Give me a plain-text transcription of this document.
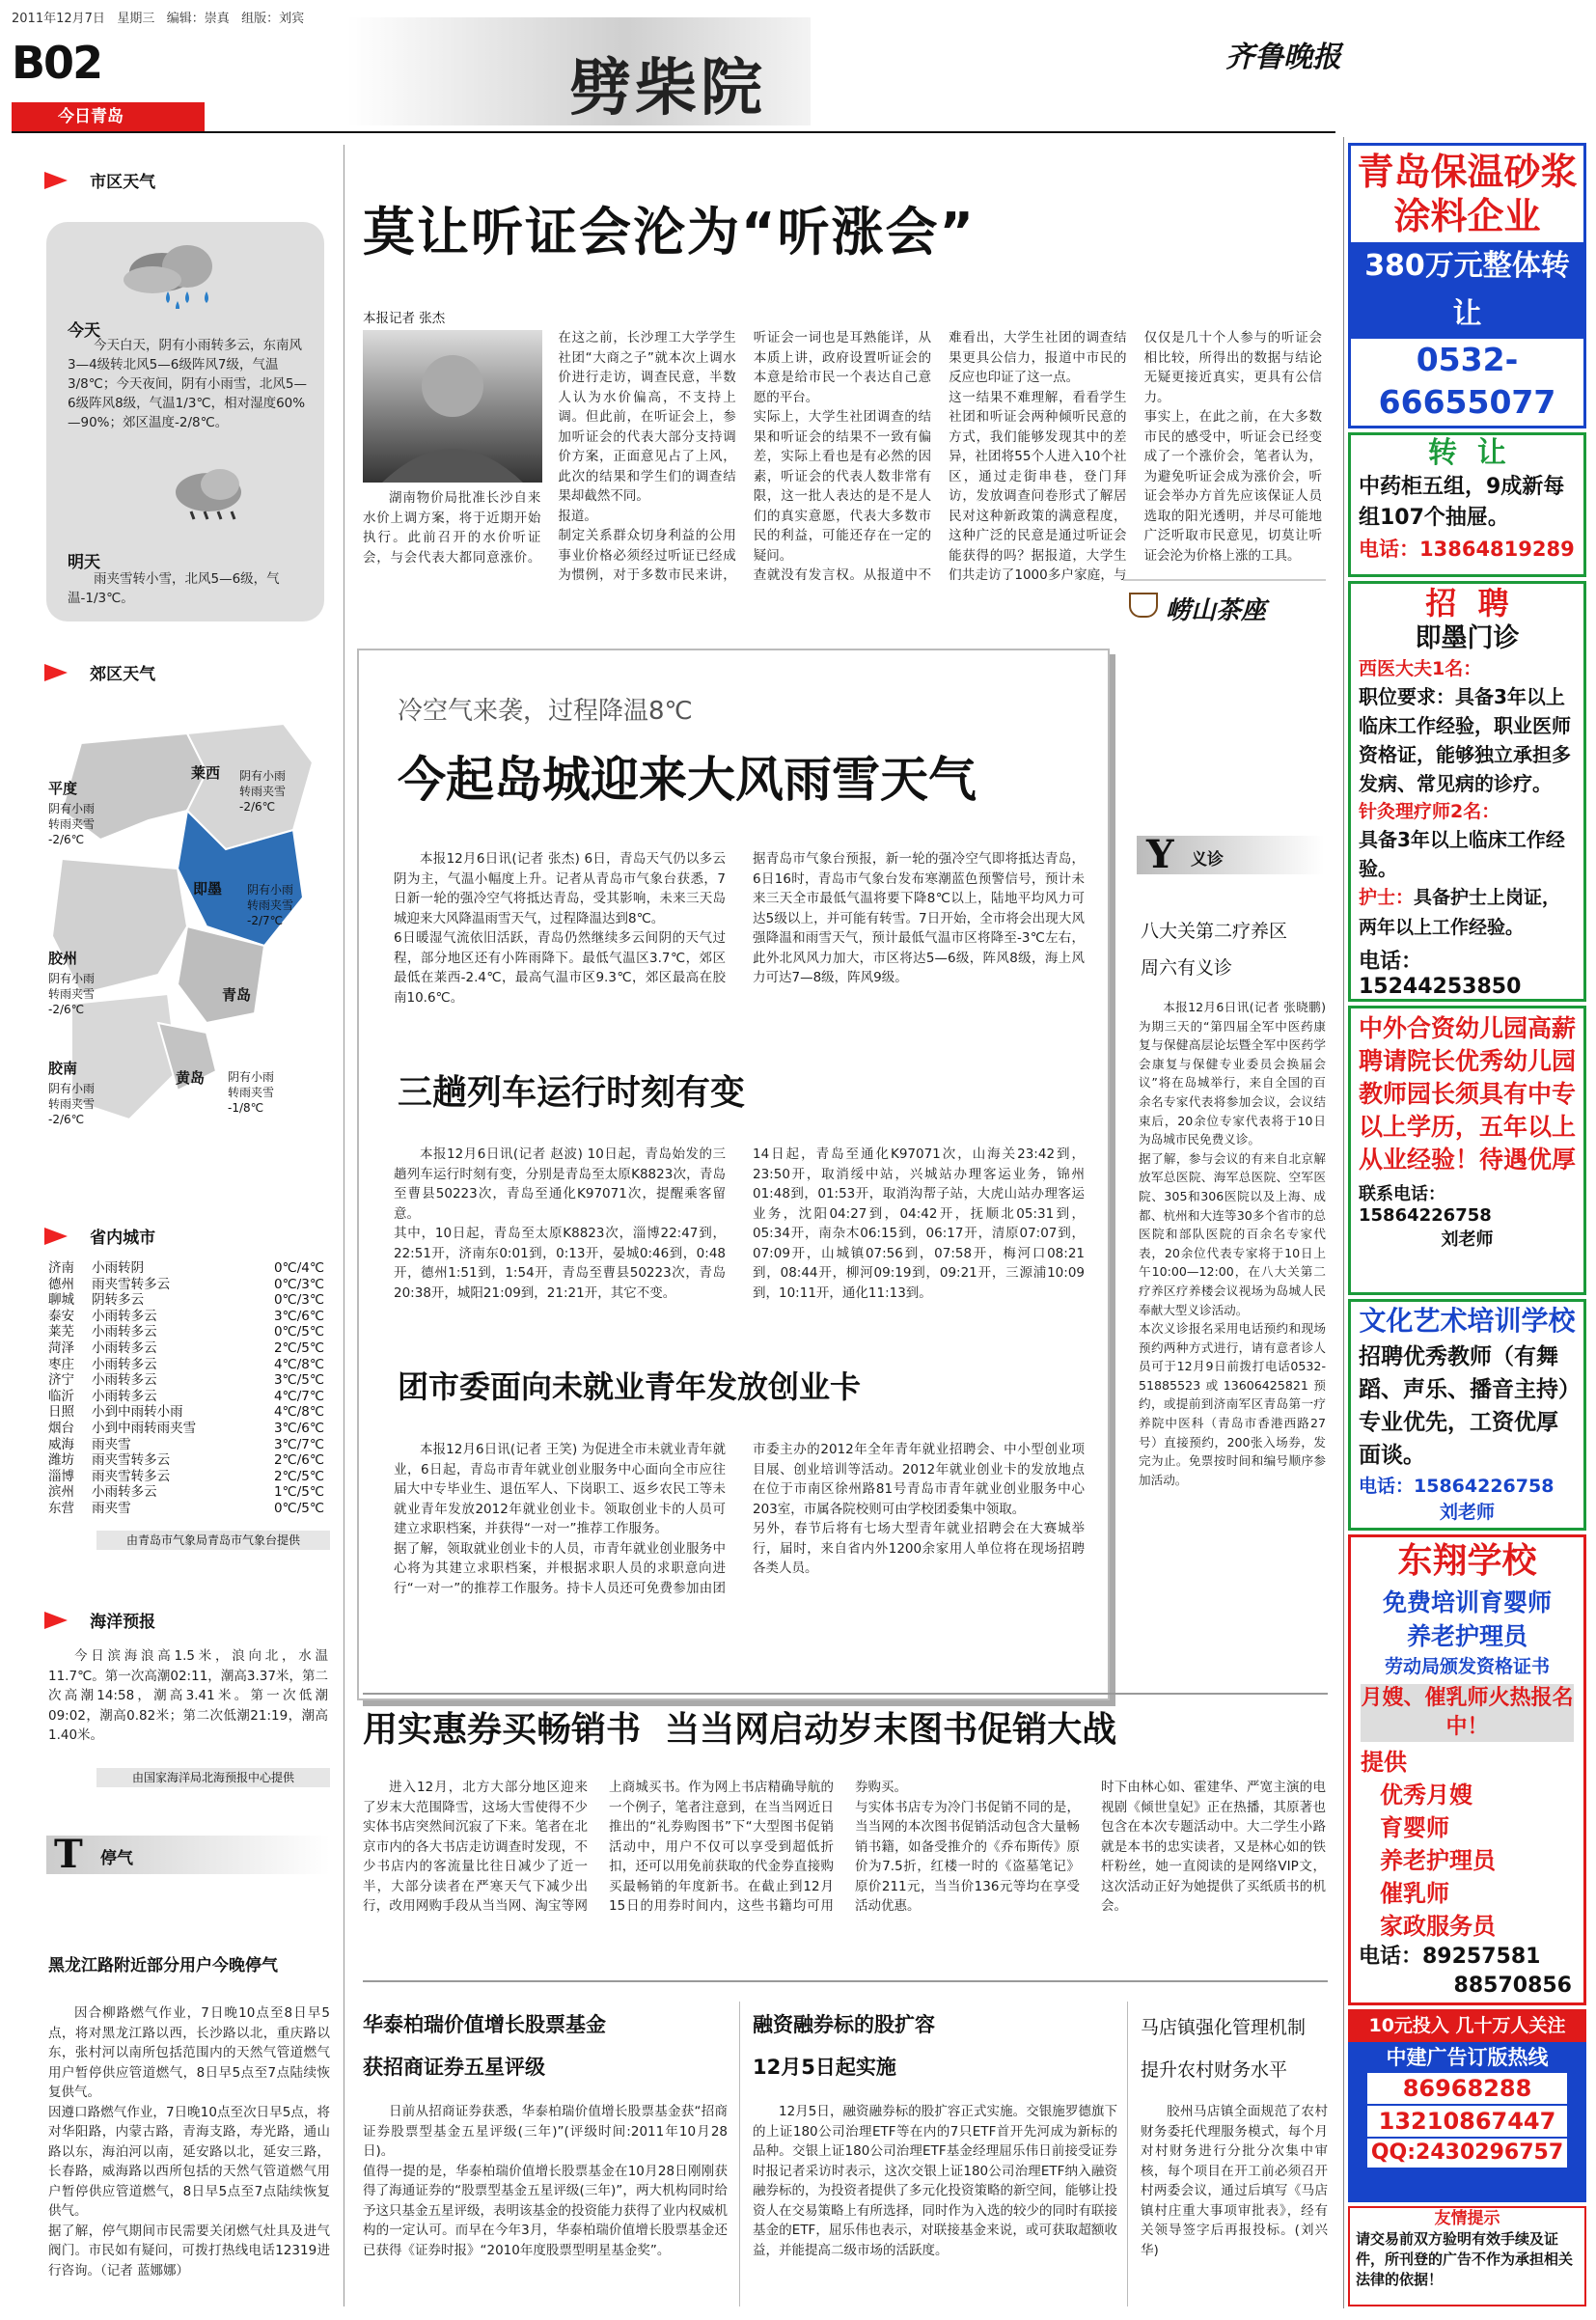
2011年12月7日 星期三 编辑：崇真 组版：刘宾
B02
今日青岛	劈柴院	齐鲁晚报
市区天气
今天
今天白天，阴有小雨转多云，东南风3—4级转北风5—6级阵风7级，气温3/8℃；今天夜间，阴有小雨雪，北风5—6级阵风8级，气温1/3℃，相对湿度60%—90%；郊区温度-2/8℃。
明天
雨夹雪转小雪，北风5—6级，气温-1/3℃。
郊区天气
平度
阴有小雨
转雨夹雪
-2/6℃
莱西 阴有小雨
转雨夹雪
-2/6℃
即墨 阴有小雨
转雨夹雪
-2/7℃
胶州
阴有小雨
转雨夹雪
-2/6℃
青岛
胶南
阴有小雨
转雨夹雪
-2/6℃
黄岛 阴有小雨
转雨夹雪
-1/8℃
省内城市
济南	小雨转阴	0℃/4℃
德州	雨夹雪转多云	0℃/3℃
聊城	阴转多云	0℃/3℃
泰安	小雨转多云	3℃/6℃
莱芜	小雨转多云	0℃/5℃
菏泽	小雨转多云	2℃/5℃
枣庄	小雨转多云	4℃/8℃
济宁	小雨转多云	3℃/5℃
临沂	小雨转多云	4℃/7℃
日照	小到中雨转小雨	4℃/8℃
烟台	小到中雨转雨夹雪	3℃/6℃
威海	雨夹雪	3℃/7℃
潍坊	雨夹雪转多云	2℃/6℃
淄博	雨夹雪转多云	2℃/5℃
滨州	小雨转多云	1℃/5℃
东营	雨夹雪	0℃/5℃
由青岛市气象局青岛市气象台提供
海洋预报
今日滨海浪高1.5米，浪向北，水温11.7℃。第一次高潮02:11，潮高3.37米，第二次高潮14:58，潮高3.41米。第一次低潮09:02，潮高0.82米；第二次低潮21:19，潮高1.40米。
由国家海洋局北海预报中心提供
T 停气
黑龙江路附近部分用户今晚停气
因合柳路燃气作业，7日晚10点至8日早5点，将对黑龙江路以西，长沙路以北，重庆路以东，张村河以南所包括范围内的天然气管道燃气用户暂停供应管道燃气，8日早5点至7点陆续恢复供气。
因遵口路燃气作业，7日晚10点至次日早5点，将对华阳路，内蒙古路，青海支路，寿光路，通山路以东，海泊河以南，延安路以北，延安三路，长春路，威海路以西所包括的天然气管道燃气用户暂停供应管道燃气，8日早5点至7点陆续恢复供气。
据了解，停气期间市民需要关闭燃气灶具及进气阀门。市民如有疑问，可拨打热线电话12319进行咨询。（记者 蓝娜娜）
莫让听证会沦为“听涨会”
本报记者 张杰
湖南物价局批准长沙自来水价上调方案，将于近期开始执行。此前召开的水价听证会，与会代表大都同意涨价。在这之前，长沙理工大学学生社团“大商之子”就本次上调水价进行走访，调查民意，半数人认为水价偏高，不支持上调。但此前，在听证会上，参加听证会的代表大部分支持调价方案，正面意见占了上风，此次的结果和学生们的调查结果却截然不同。
报道。
制定关系群众切身利益的公用事业价格必须经过听证已经成为惯例，对于多数市民来讲，听证会一词也是耳熟能详，从本质上讲，政府设置听证会的本意是给市民一个表达自己意愿的平台。
实际上，大学生社团调查的结果和听证会的结果不一致有偏差，实际上看也是有必然的因素，听证会的代表人数非常有限，这一批人表达的是不是人们的真实意愿，代表大多数市民的利益，可能还存在一定的疑问。
查就没有发言权。从报道中不难看出，大学生社团的调查结果更具公信力，报道中市民的反应也印证了这一点。
这一结果不难理解，看看学生社团和听证会两种倾听民意的方式，我们能够发现其中的差异，社团将55个人进入10个社区，通过走街串巷，登门拜访，发放调查问卷形式了解居民对这种新政策的满意程度，这种广泛的民意是通过听证会能获得的吗？据报道，大学生们共走访了1000多户家庭，与仅仅是几十个人参与的听证会相比较，所得出的数据与结论无疑更接近真实，更具有公信力。
事实上，在此之前，在大多数市民的感受中，听证会已经变成了一个涨价会，笔者认为，为避免听证会成为涨价会，听证会举办方首先应该保证人员选取的阳光透明，并尽可能地广泛听取市民意见，切莫让听证会沦为价格上涨的工具。
崂山茶座
冷空气来袭，过程降温8℃
今起岛城迎来大风雨雪天气
本报12月6日讯(记者 张杰) 6日，青岛天气仍以多云阴为主，气温小幅度上升。记者从青岛市气象台获悉，7日新一轮的强冷空气将抵达青岛，受其影响，未来三天岛城迎来大风降温雨雪天气，过程降温达到8℃。
6日暖湿气流依旧活跃，青岛仍然继续多云间阴的天气过程，部分地区还有小阵雨降下。最低气温区3.7℃，郊区最低在莱西-2.4℃，最高气温市区9.3℃，郊区最高在胶南10.6℃。
据青岛市气象台预报，新一轮的强冷空气即将抵达青岛，6日16时，青岛市气象台发布寒潮蓝色预警信号，预计未来三天全市最低气温将要下降8℃以上，陆地平均风力可达5级以上，并可能有转雪。7日开始，全市将会出现大风强降温和雨雪天气，预计最低气温市区将降至-3℃左右，此外北风风力加大，市区将达5—6级，阵风8级，海上风力可达7—8级，阵风9级。
三趟列车运行时刻有变
本报12月6日讯(记者 赵波) 10日起，青岛始发的三趟列车运行时刻有变，分别是青岛至太原K8823次，青岛至曹县50223次，青岛至通化K97071次，提醒乘客留意。
其中，10日起，青岛至太原K8823次，淄博22:47到，22:51开，济南东0:01到，0:13开，晏城0:46到，0:48开，德州1:51到，1:54开，青岛至曹县50223次，青岛20:38开，城阳21:09到，21:21开，其它不变。
14日起，青岛至通化K97071次，山海关23:42到，23:50开，取消绥中站，兴城站办理客运业务，锦州01:48到，01:53开，取消沟帮子站，大虎山站办理客运业务，沈阳04:27到，04:42开，抚顺北05:31到，05:34开，南杂木06:15到，06:17开，清原07:07到，07:09开，山城镇07:56到，07:58开，梅河口08:21到，08:44开，柳河09:19到，09:21开，三源浦10:09到，10:11开，通化11:13到。
团市委面向未就业青年发放创业卡
本报12月6日讯(记者 王笑) 为促进全市未就业青年就业，6日起，青岛市青年就业创业服务中心面向全市应往届大中专毕业生、退伍军人、下岗职工、返乡农民工等未就业青年发放2012年就业创业卡。领取创业卡的人员可建立求职档案，并获得“一对一”推荐工作服务。
据了解，领取就业创业卡的人员，市青年就业创业服务中心将为其建立求职档案，并根据求职人员的求职意向进行“一对一”的推荐工作服务。持卡人员还可免费参加由团市委主办的2012年全年青年就业招聘会、中小型创业项目展、创业培训等活动。2012年就业创业卡的发放地点在位于市南区徐州路81号青岛市青年就业创业服务中心203室，市属各院校则可由学校团委集中领取。
另外，春节后将有七场大型青年就业招聘会在大赛城举行，届时，来自省内外1200余家用人单位将在现场招聘各类人员。
Y 义诊
八大关第二疗养区
周六有义诊
本报12月6日讯(记者 张晓鹏) 为期三天的“第四届全军中医药康复与保健高层论坛暨全军中医药学会康复与保健专业委员会换届会议”将在岛城举行，来自全国的百余名专家代表将参加会议，会议结束后，20余位专家代表将于10日为岛城市民免费义诊。
据了解，参与会议的有来自北京解放军总医院、海军总医院、空军医院、305和306医院以及上海、成都、杭州和大连等30多个省市的总医院和部队医院的百余名专家代表，20余位代表专家将于10日上午10:00—12:00，在八大关第二疗养区疗养楼会议视场为岛城人民奉献大型义诊活动。
本次义诊报名采用电话预约和现场预约两种方式进行，请有意者诊人员可于12月9日前拨打电话0532-51885523或13606425821预约，或提前到济南军区青岛第一疗养院中医科（青岛市香港西路27号）直接预约，200张入场券，发完为止。免票按时间和编号顺序参加活动。
用实惠券买畅销书  当当网启动岁末图书促销大战
进入12月，北方大部分地区迎来了岁末大范围降雪，这场大雪使得不少实体书店突然间沉寂了下来。笔者在北京市内的各大书店走访调查时发现，不少书店内的客流量比往日减少了近一半，大部分读者在严寒天气下减少出行，改用网购手段从当当网、淘宝等网上商城买书。作为网上书店精确导航的一个例子，笔者注意到，在当当网近日推出的“礼券购图书”下“大型图书促销活动中，用户不仅可以享受到超低折扣，还可以用免前获取的代金券直接购买最畅销的年度新书。在截止到12月15日的用券时间内，这些书籍均可用券购买。
与实体书店专为冷门书促销不同的是，当当网的本次图书促销活动包含大量畅销书籍，如备受推介的《乔布斯传》原价为7.5折，红楼一时的《盗墓笔记》原价211元，当当价136元等均在享受活动优惠。
时下由林心如、霍建华、严宽主演的电视剧《倾世皇妃》正在热播，其原著也包含在本次专题活动中。大二学生小路就是本书的忠实读者，又是林心如的铁杆粉丝，她一直阅读的是网络VIP文，这次活动正好为她提供了买纸质书的机会。
华泰柏瑞价值增长股票基金
获招商证券五星评级
日前从招商证券获悉，华泰柏瑞价值增长股票基金获“招商证券股票型基金五星评级(三年)”(评级时间:2011年10月28日)。
值得一提的是，华泰柏瑞价值增长股票基金在10月28日刚刚获得了海通证券的“股票型基金五星评级(三年)”，两大机构同时给予这只基金五星评级，表明该基金的投资能力获得了业内权威机构的一定认可。而早在今年3月，华泰柏瑞价值增长股票基金还已获得《证券时报》“2010年度股票型明星基金奖”。
融资融券标的股扩容
12月5日起实施
12月5日，融资融券标的股扩容正式实施。交银施罗德旗下的上证180公司治理ETF等在内的7只ETF首开先河成为新标的品种。交银上证180公司治理ETF基金经理屈乐伟日前接受证券时报记者采访时表示，这次交银上证180公司治理ETF纳入融资融券标的，为投资者提供了多元化投资策略的新空间，能够让投资人在交易策略上有所选择，同时作为入选的较少的同时有联接基金的ETF，屈乐伟也表示，对联接基金来说，或可获取超额收益，并能提高二级市场的活跃度。
马店镇强化管理机制
提升农村财务水平
胶州马店镇全面规范了农村财务委托代理服务模式，每个月对村财务进行分批分次集中审核，每个项目在开工前必须召开村两委会议，通过后填写《马店镇村庄重大事项审批表》，经有关领导签字后再报投标。(刘兴华)
青岛保温砂浆涂料企业
380万元整体转让
0532-66655077
转  让
中药柜五组，9成新每组107个抽屉。
电话：13864819289
招  聘
即墨门诊
西医大夫1名：
职位要求：具备3年以上临床工作经验，职业医师资格证，能够独立承担多发病、常见病的诊疗。
针灸理疗师2名：
具备3年以上临床工作经验。
护士：具备护士上岗证，两年以上工作经验。
电话：15244253850
中外合资幼儿园高薪聘请院长优秀幼儿园教师园长须具有中专以上学历，五年以上从业经验！待遇优厚
联系电话：15864226758
刘老师
文化艺术培训学校
招聘优秀教师（有舞蹈、声乐、播音主持）专业优先，工资优厚面谈。
电话：15864226758
刘老师
东翔学校
免费培训育婴师
养老护理员
劳动局颁发资格证书
月嫂、催乳师火热报名中！
提供
优秀月嫂
育婴师
养老护理员
催乳师
家政服务员
电话：89257581
88570856
10元投入 几十万人关注
中建广告订版热线
86968288
13210867447
QQ:2430296757
友情提示
请交易前双方验明有效手续及证件，所刊登的广告不作为承担相关法律的依据！
